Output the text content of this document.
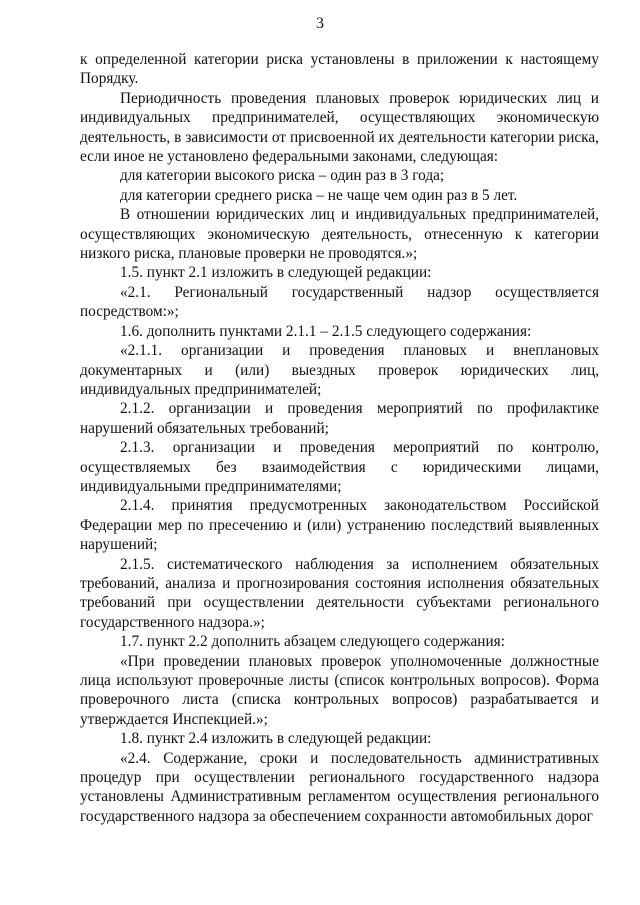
3

к определенной категории риска установлены в приложении к настоящему Порядку.

Периодичность проведения плановых проверок юридических лиц и индивидуальных предпринимателей, осуществляющих экономическую деятельность, в зависимости от присвоенной их деятельности категории риска, если иное не установлено федеральными законами, следующая:

для категории высокого риска – один раз в 3 года;

для категории среднего риска – не чаще чем один раз в 5 лет.

В отношении юридических лиц и индивидуальных предпринимателей, осуществляющих экономическую деятельность, отнесенную к категории низкого риска, плановые проверки не проводятся.»;

1.5. пункт 2.1 изложить в следующей редакции:

«2.1. Региональный государственный надзор осуществляется посредством:»;

1.6. дополнить пунктами 2.1.1 – 2.1.5 следующего содержания:

«2.1.1. организации и проведения плановых и внеплановых документарных и (или) выездных проверок юридических лиц, индивидуальных предпринимателей;

2.1.2. организации и проведения мероприятий по профилактике нарушений обязательных требований;

2.1.3. организации и проведения мероприятий по контролю, осуществляемых без взаимодействия с юридическими лицами, индивидуальными предпринимателями;

2.1.4. принятия предусмотренных законодательством Российской Федерации мер по пресечению и (или) устранению последствий выявленных нарушений;

2.1.5. систематического наблюдения за исполнением обязательных требований, анализа и прогнозирования состояния исполнения обязательных требований при осуществлении деятельности субъектами регионального государственного надзора.»;

1.7. пункт 2.2 дополнить абзацем следующего содержания:

«При проведении плановых проверок уполномоченные должностные лица используют проверочные листы (список контрольных вопросов). Форма проверочного листа (списка контрольных вопросов) разрабатывается и утверждается Инспекцией.»;

1.8. пункт 2.4 изложить в следующей редакции:

«2.4. Содержание, сроки и последовательность административных процедур при осуществлении регионального государственного надзора установлены Административным регламентом осуществления регионального государственного надзора за обеспечением сохранности автомобильных дорог
